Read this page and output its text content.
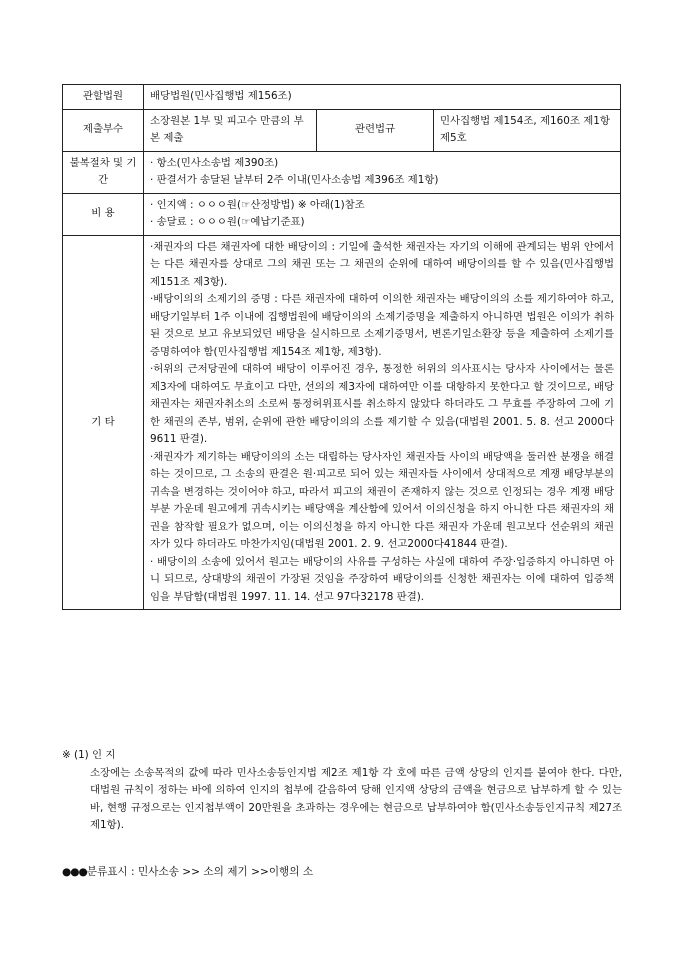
관할법원	배당법원(민사집행법 제156조)		
제출부수	소장원본 1부 및 피고수 만큼의 부본 제출	관련법규	민사집행법 제154조, 제160조 제1항 제5호
불복절차 및 기간	· 항소(민사소송법 제390조)
· 판결서가 송달된 날부터 2주 이내(민사소송법 제396조 제1항)		

비 용	· 인지액 : ㅇㅇㅇ원(☞산정방법) ※ 아래(1)참조
· 송달료 : ㅇㅇㅇ원(☞예납기준표)		

기 타	·채권자의 다른 채권자에 대한 배당이의 : 기일에 출석한 채권자는 자기의 이해에 관계되는 범위 안에서는 다른 채권자를 상대로 그의 채권 또는 그 채권의 순위에 대하여 배당이의를 할 수 있음(민사집행법 제151조 제3항).
·배당이의의 소제기의 증명 : 다른 채권자에 대하여 이의한 채권자는 배당이의의 소를 제기하여야 하고, 배당기일부터 1주 이내에 집행법원에 배당이의의 소제기증명을 제출하지 아니하면 법원은 이의가 취하된 것으로 보고 유보되었던 배당을 실시하므로 소제기증명서, 변론기일소환장 등을 제출하여 소제기를 증명하여야 함(민사집행법 제154조 제1항, 제3항).
·허위의 근저당권에 대하여 배당이 이루어진 경우, 통정한 허위의 의사표시는 당사자 사이에서는 물론 제3자에 대하여도 무효이고 다만, 선의의 제3자에 대하여만 이를 대항하지 못한다고 할 것이므로, 배당채권자는 채권자취소의 소로써 통정허위표시를 취소하지 않았다 하더라도 그 무효를 주장하여 그에 기한 채권의 존부, 범위, 순위에 관한 배당이의의 소를 제기할 수 있음(대법원 2001. 5. 8. 선고 2000다9611 판결).
·채권자가 제기하는 배당이의의 소는 대립하는 당사자인 채권자들 사이의 배당액을 둘러싼 분쟁을 해결하는 것이므로, 그 소송의 판결은 원·피고로 되어 있는 채권자들 사이에서 상대적으로 계쟁 배당부분의 귀속을 변경하는 것이어야 하고, 따라서 피고의 채권이 존재하지 않는 것으로 인정되는 경우 계쟁 배당부분 가운데 원고에게 귀속시키는 배당액을 계산함에 있어서 이의신청을 하지 아니한 다른 채권자의 채권을 참작할 필요가 없으며, 이는 이의신청을 하지 아니한 다른 채권자 가운데 원고보다 선순위의 채권자가 있다 하더라도 마찬가지임(대법원 2001. 2. 9. 선고2000다41844 판결).
· 배당이의 소송에 있어서 원고는 배당이의 사유를 구성하는 사실에 대하여 주장·입증하지 아니하면 아니 되므로, 상대방의 채권이 가장된 것임을 주장하여 배당이의를 신청한 채권자는 이에 대하여 입증책임을 부담함(대법원 1997. 11. 14. 선고 97다32178 판결).		
※ (1) 인 지

소장에는 소송목적의 값에 따라 민사소송등인지법 제2조 제1항 각 호에 따른 금액 상당의 인지를 붙여야 한다. 다만, 대법원 규칙이 정하는 바에 의하여 인지의 첩부에 갈음하여 당해 인지액 상당의 금액을 현금으로 납부하게 할 수 있는바, 현행 규정으로는 인지첩부액이 20만원을 초과하는 경우에는 현금으로 납부하여야 함(민사소송등인지규칙 제27조 제1항).

●●●분류표시 : 민사소송 >> 소의 제기 >>이행의 소
